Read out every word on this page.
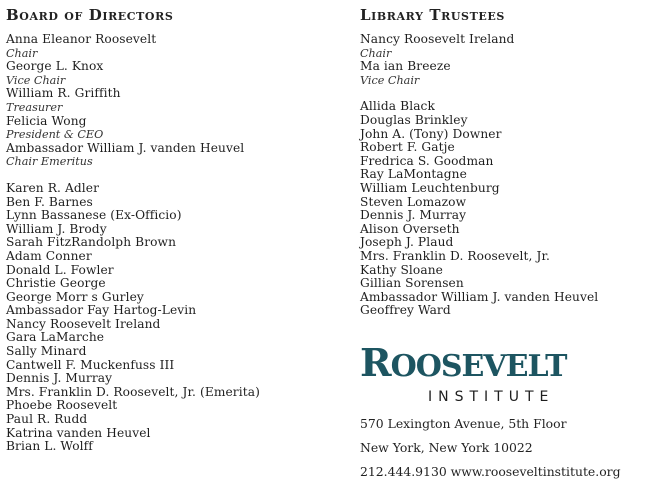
Board of Directors
Anna Eleanor Roosevelt
Chair
George L. Knox
Vice Chair
William R. Griffith
Treasurer
Felicia Wong
President & CEO
Ambassador William J. vanden Heuvel
Chair Emeritus
Karen R. Adler
Ben F. Barnes
Lynn Bassanese (Ex-Officio)
William J. Brody
Sarah FitzRandolph Brown
Adam Conner
Donald L. Fowler
Christie George
George Morr s Gurley
Ambassador Fay Hartog-Levin
Nancy Roosevelt Ireland
Gara LaMarche
Sally Minard
Cantwell F. Muckenfuss III
Dennis J. Murray
Mrs. Franklin D. Roosevelt, Jr. (Emerita)
Phoebe Roosevelt
Paul R. Rudd
Katrina vanden Heuvel
Brian L. Wolff
Library Trustees
Nancy Roosevelt Ireland
Chair
Ma ian Breeze
Vice Chair
Allida Black
Douglas Brinkley
John A. (Tony) Downer
Robert F. Gatje
Fredrica S. Goodman
Ray LaMontagne
William Leuchtenburg
Steven Lomazow
Dennis J. Murray
Alison Overseth
Joseph J. Plaud
Mrs. Franklin D. Roosevelt, Jr.
Kathy Sloane
Gillian Sorensen
Ambassador William J. vanden Heuvel
Geoffrey Ward
ROOSEVELT
INSTITUTE
570 Lexington Avenue, 5th Floor
New York, New York 10022
212.444.9130 www.rooseveltinstitute.org
